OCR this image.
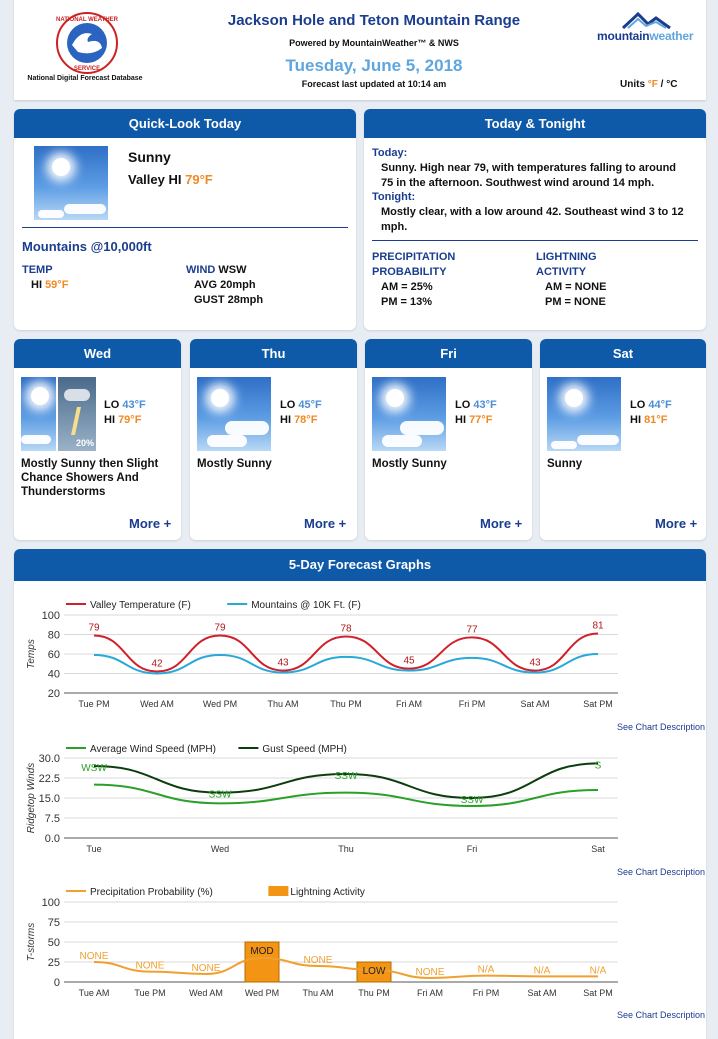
NATIONAL WEATHER
SERVICE
National Digital Forecast Database
Jackson Hole and Teton Mountain Range
Powered by MountainWeather™ & NWS
Tuesday, June 5, 2018
Forecast last updated at 10:14 am
mountainweather
Units °F / °C
Quick-Look Today
Sunny
Valley HI 79°F
Mountains @10,000ft
TEMP
HI 59°F
WIND WSW
AVG 20mph
GUST 28mph
Today & Tonight
Today:
Sunny. High near 79, with temperatures falling to around
75 in the afternoon. Southwest wind around 14 mph.
Tonight:
Mostly clear, with a low around 42. Southeast wind 3 to 12
mph.
PRECIPITATION
PROBABILITY
AM = 25%
PM = 13%
LIGHTNING
ACTIVITY
AM = NONE
PM = NONE
Wed
20%
LO 43°F
HI 79°F
Mostly Sunny then Slight
Chance Showers And
Thunderstorms
More +
Thu
LO 45°F
HI 78°F
Mostly Sunny
More +
Fri
LO 43°F
HI 77°F
Mostly Sunny
More +
Sat
LO 44°F
HI 81°F
Sunny
More +
5-Day Forecast Graphs
20
40
60
80
100
Temps
Tue PM	Wed AM	Wed PM	Thu AM	Thu PM	Fri AM	Fri PM	Sat AM	Sat PM
Valley Temperature (F)	Mountains @ 10K Ft. (F)
79
42
79
43
78
45
77
43
81
0.0
7.5
15.0
22.5
30.0
Ridgetop Winds
Tue	Wed	Thu	Fri	Sat
Average Wind Speed (MPH)	Gust Speed (MPH)
WSW
SSW
SSW
SSW
S
0
25
50
75
100
T-storms
Tue AM	Tue PM	Wed AM Wed PM	Thu AM	Thu PM	Fri AM	Fri PM	Sat AM	Sat PM
Precipitation Probability (%)	Lightning Activity
NONE
NONE	NONE
MOD
NONE
LOW	NONE	N/A	N/A	N/A
See Chart Description
See Chart Description
See Chart Description
